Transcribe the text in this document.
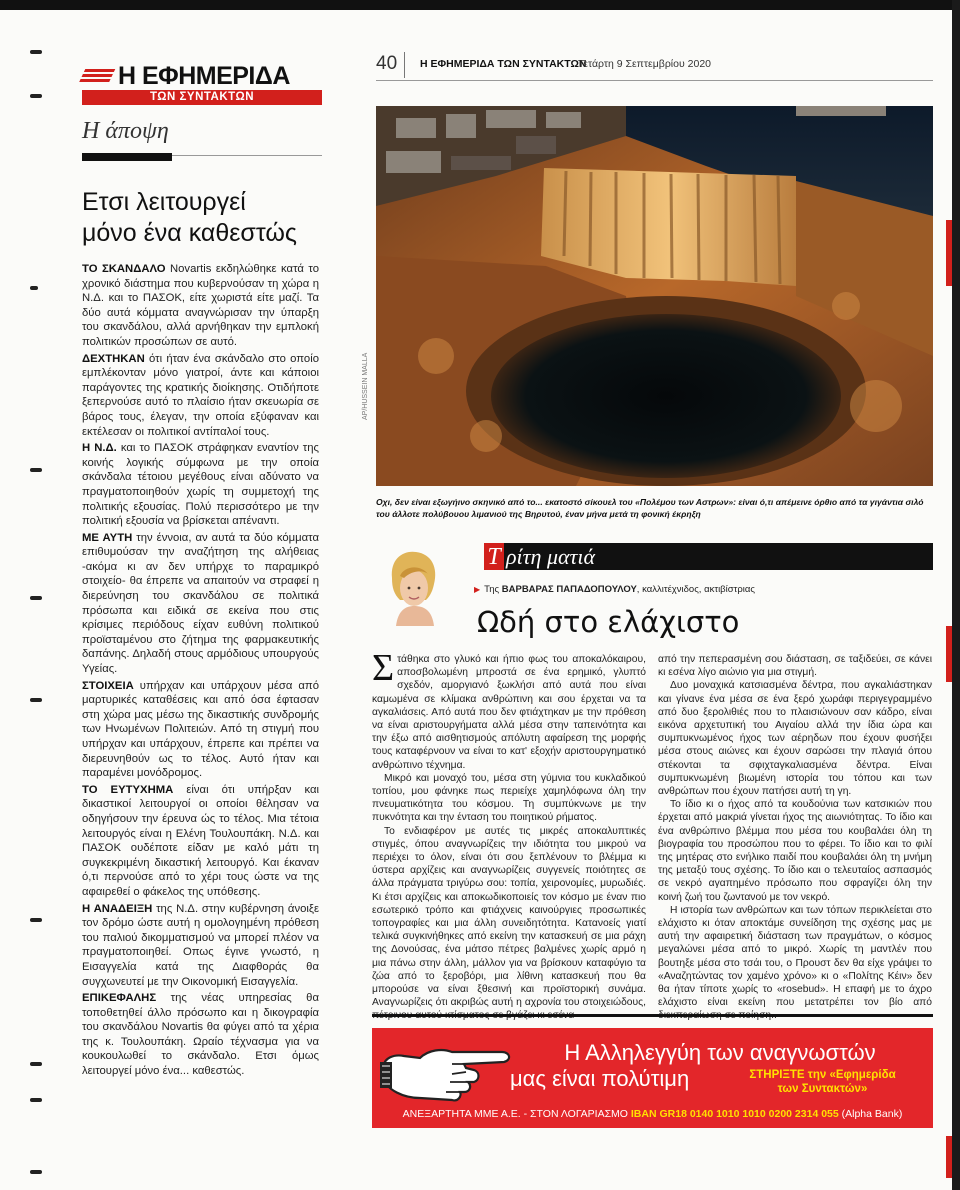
Η ΕΦΗΜΕΡΙΔΑ
ΤΩΝ ΣΥΝΤΑΚΤΩΝ
Η άποψη
Ετσι λειτουργεί
μόνο ένα καθεστώς

ΤΟ ΣΚΑΝΔΑΛΟ Novartis εκδηλώθηκε κατά το χρονικό διάστημα που κυβερνούσαν τη χώρα η Ν.Δ. και το ΠΑΣΟΚ, είτε χωριστά είτε μαζί. Τα δύο αυτά κόμματα αναγνώρισαν την ύπαρξη του σκανδάλου, αλλά αρνήθηκαν την εμπλοκή πολιτικών προσώπων σε αυτό.

ΔΕΧΤΗΚΑΝ ότι ήταν ένα σκάνδαλο στο οποίο εμπλέκονταν μόνο γιατροί, άντε και κάποιοι παράγοντες της κρατικής διοίκησης. Οτιδήποτε ξεπερνούσε αυτό το πλαίσιο ήταν σκευωρία σε βάρος τους, έλεγαν, την οποία εξύφαναν και εκτέλεσαν οι πολιτικοί αντίπαλοί τους.

Η Ν.Δ. και το ΠΑΣΟΚ στράφηκαν εναντίον της κοινής λογικής σύμφωνα με την οποία σκάνδαλα τέτοιου μεγέθους είναι αδύνατο να πραγματοποιηθούν χωρίς τη συμμετοχή της πολιτικής εξουσίας. Πολύ περισσότερο με την πολιτική εξουσία να βρίσκεται απέναντι.

ΜΕ ΑΥΤΗ την έννοια, αν αυτά τα δύο κόμματα επιθυμούσαν την αναζήτηση της αλήθειας -ακόμα κι αν δεν υπήρχε το παραμικρό στοιχείο- θα έπρεπε να απαιτούν να στραφεί η διερεύνηση του σκανδάλου σε πολιτικά πρόσωπα και ειδικά σε εκείνα που στις κρίσιμες περιόδους είχαν ευθύνη πολιτικού προϊσταμένου στο ζήτημα της φαρμακευτικής δαπάνης. Δηλαδή στους αρμόδιους υπουργούς Υγείας.

ΣΤΟΙΧΕΙΑ υπήρχαν και υπάρχουν μέσα από μαρτυρικές καταθέσεις και από όσα έφτασαν στη χώρα μας μέσω της δικαστικής συνδρομής των Ηνωμένων Πολιτειών. Από τη στιγμή που υπήρχαν και υπάρχουν, έπρεπε και πρέπει να διερευνηθούν ως το τέλος. Αυτό ήταν και παραμένει μονόδρομος.

ΤΟ ΕΥΤΥΧΗΜΑ είναι ότι υπήρξαν και δικαστικοί λειτουργοί οι οποίοι θέλησαν να οδηγήσουν την έρευνα ώς το τέλος. Μια τέτοια λειτουργός είναι η Ελένη Τουλουπάκη. Ν.Δ. και ΠΑΣΟΚ ουδέποτε είδαν με καλό μάτι τη συγκεκριμένη δικαστική λειτουργό. Και έκαναν ό,τι περνούσε από το χέρι τους ώστε να της αφαιρεθεί ο φάκελος της υπόθεσης.

Η ΑΝΑΔΕΙΞΗ της Ν.Δ. στην κυβέρνηση άνοιξε τον δρόμο ώστε αυτή η ομολογημένη πρόθεση του παλιού δικομματισμού να μπορεί πλέον να πραγματοποιηθεί. Οπως έγινε γνωστό, η Εισαγγελία κατά της Διαφθοράς θα συγχωνευτεί με την Οικονομική Εισαγγελία.

ΕΠΙΚΕΦΑΛΗΣ της νέας υπηρεσίας θα τοποθετηθεί άλλο πρόσωπο και η δικογραφία του σκανδάλου Novartis θα φύγει από τα χέρια της κ. Τουλουπάκη. Ωραίο τέχνασμα για να κουκουλωθεί το σκάνδαλο. Ετσι όμως λειτουργεί μόνο ένα... καθεστώς.

40 Η ΕΦΗΜΕΡΙΔΑ ΤΩΝ ΣΥΝΤΑΚΤΩΝ
Τετάρτη 9 Σεπτεμβρίου 2020
AP/HUSSEIN MALLA
Οχι, δεν είναι εξωγήινο σκηνικό από το... εκατοστό σίκουελ του «Πολέμου των Αστρων»: είναι ό,τι απέμεινε όρθιο από τα γιγάντια σιλό του άλλοτε πολύβουου λιμανιού της Βηρυτού, έναν μήνα μετά τη φονική έκρηξη
Τ ρίτη ματιά
▶ Της ΒΑΡΒΑΡΑΣ ΠΑΠΑΔΟΠΟΥΛΟΥ, καλλιτέχνιδος, ακτιβίστριας
Ωδή στο ελάχιστο

Στάθηκα στο γλυκό και ήπιο φως του αποκαλόκαιρου, αποσβολωμένη μπροστά σε ένα ερημικό, γλυπτό σχεδόν, αμοργιανό ξωκλήσι από αυτά που είναι καμωμένα σε κλίμακα ανθρώπινη και σου έρχεται να τα αγκαλιάσεις. Από αυτά που δεν φτιάχτηκαν με την πρόθεση να είναι αριστουργήματα αλλά μέσα στην ταπεινότητα και την έξω από αισθητισμούς απόλυτη αφαίρεση της μορφής τους καταφέρνουν να είναι το κατ' εξοχήν αριστουργηματικό ανθρώπινο τέχνημα.

Μικρό και μοναχό του, μέσα στη γύμνια του κυκλαδικού τοπίου, μου φάνηκε πως περιείχε χαμηλόφωνα όλη την πνευματικότητα του κόσμου. Τη συμπύκνωνε με την πυκνότητα και την ένταση του ποιητικού ρήματος.

Το ενδιαφέρον με αυτές τις μικρές αποκαλυπτικές στιγμές, όπου αναγνωρίζεις την ιδιότητα του μικρού να περιέχει το όλον, είναι ότι σου ξεπλένουν το βλέμμα κι ύστερα αρχίζεις και αναγνωρίζεις συγγενείς ποιότητες σε άλλα πράγματα τριγύρω σου: τοπία, χειρονομίες, μυρωδιές. Κι έτσι αρχίζεις και αποκωδικοποιείς τον κόσμο με έναν πιο εσωτερικό τρόπο και φτιάχνεις καινούργιες προσωπικές τοπογραφίες και μια άλλη συνειδητότητα. Κατανοείς γιατί τελικά συγκινήθηκες από εκείνη την κατασκευή σε μια ράχη της Δονούσας, ένα μάτσο πέτρες βαλμένες χωρίς αρμό η μια πάνω στην άλλη, μάλλον για να βρίσκουν καταφύγιο τα ζώα από το ξεροβόρι, μια λίθινη κατασκευή που θα μπορούσε να είναι ξθεσινή και προϊστορική συνάμα. Αναγνωρίζεις ότι ακριβώς αυτή η αχρονία του στοιχειώδους,

από την πεπερασμένη σου διάσταση, σε ταξιδεύει, σε κάνει κι εσένα λίγο αιώνιο για μια στιγμή.

Δυο μοναχικά κατσιασμένα δέντρα, που αγκαλιάστηκαν και γίνανε ένα μέσα σε ένα ξερό χωράφι περιγεγραμμένο από δυο ξερολιθιές που το πλαισιώνουν σαν κάδρο, είναι εικόνα αρχετυπική του Αιγαίου αλλά την ίδια ώρα και συμπυκνωμένος ήχος των αέρηδων που έχουν φυσήξει μέσα στους αιώνες και έχουν σαρώσει την πλαγιά όπου στέκονται τα σφιχταγκαλιασμένα δέντρα. Είναι συμπυκνωμένη βιωμένη ιστορία του τόπου και των ανθρώπων που έχουν πατήσει αυτή τη γη.

Το ίδιο κι ο ήχος από τα κουδούνια των κατσικιών που έρχεται από μακριά γίνεται ήχος της αιωνιότητας. Το ίδιο και ένα ανθρώπινο βλέμμα που μέσα του κουβαλάει όλη τη βιογραφία του προσώπου που το φέρει. Το ίδιο και το φιλί της μητέρας στο ενήλικο παιδί που κουβαλάει όλη τη μνήμη της μεταξύ τους σχέσης. Το ίδιο και ο τελευταίος ασπασμός σε νεκρό αγαπημένο πρόσωπο που σφραγίζει όλη την κοινή ζωή του ζωντανού με τον νεκρό.

Η ιστορία των ανθρώπων και των τόπων περικλείεται στο ελάχιστο κι όταν αποκτάμε συνείδηση της σχέσης μας με αυτή την αφαιρετική διάσταση των πραγμάτων, ο κόσμος μεγαλώνει μέσα από το μικρό. Χωρίς τη μαντλέν που βουτηξε μέσα στο τσάι του, ο Προυστ δεν θα είχε γράψει το «Αναζητώντας τον χαμένο χρόνο» κι ο «Πολίτης Κέιν» δεν θα ήταν τίποτε χωρίς το «rosebud». Η επαφή με το άχρο ελάχιστο είναι εκείνη που μετατρέπει τον βίο από

Η Αλληλεγγύη των αναγνωστών
μας είναι πολύτιμη	ΣΤΗΡΙΞΤΕ την «Εφημερίδα
των Συντακτών»
ΑΝΕΞΑΡΤΗΤΑ ΜΜΕ Α.Ε. - ΣΤΟΝ ΛΟΓΑΡΙΑΣΜΟ IBAN GR18 0140 1010 1010 0200 2314 055 (Alpha Bank)
